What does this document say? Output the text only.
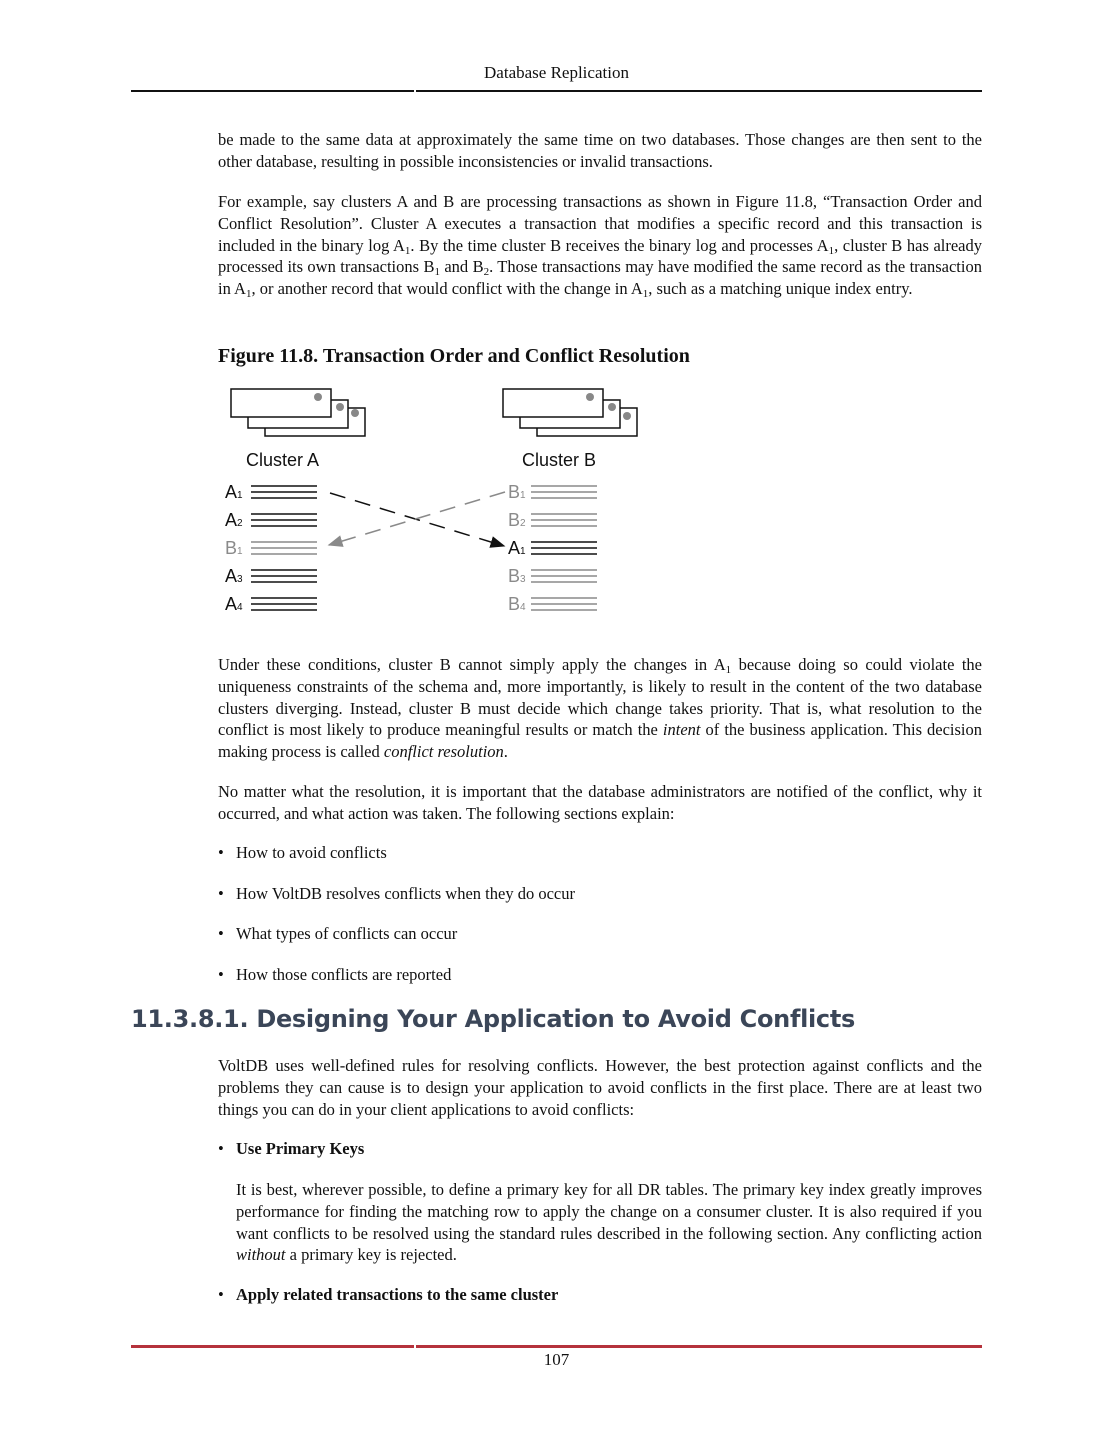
Database Replication

be made to the same data at approximately the same time on two databases. Those changes are then sent to the other database, resulting in possible inconsistencies or invalid transactions.

For example, say clusters A and B are processing transactions as shown in Figure 11.8, “Transaction Order and Conflict Resolution”. Cluster A executes a transaction that modifies a specific record and this transaction is included in the binary $\log A_1$. By the time cluster B receives the binary log and processes $A_1$, cluster B has already processed its own transactions $B_1$ and $B_2$. Those transactions may have modified the same record as the transaction in $A_1$, or another record that would conflict with the change in $A_1$, such as a matching unique index entry.

Figure 11.8. Transaction Order and Conflict Resolution
Cluster A	Cluster B
A1
A2
B1
A3
A4
B1
B2
A1
B3
B4

Under these conditions, cluster B cannot simply apply the changes in $A_1$ because doing so could violate the uniqueness constraints of the schema and, more importantly, is likely to result in the content of the two database clusters diverging. Instead, cluster B must decide which change takes priority. That is, what resolution to the conflict is most likely to produce meaningful results or match the intent of the business application. This decision making process is called conflict resolution.

No matter what the resolution, it is important that the database administrators are notified of the conflict, why it occurred, and what action was taken. The following sections explain:

• How to avoid conflicts
• How VoltDB resolves conflicts when they do occur
• What types of conflicts can occur
• How those conflicts are reported
11.3.8.1. Designing Your Application to Avoid Conflicts

VoltDB uses well-defined rules for resolving conflicts. However, the best protection against conflicts and the problems they can cause is to design your application to avoid conflicts in the first place. There are at least two things you can do in your client applications to avoid conflicts:

• Use Primary Keys

It is best, wherever possible, to define a primary key for all DR tables. The primary key index greatly improves performance for finding the matching row to apply the change on a consumer cluster. It is also required if you want conflicts to be resolved using the standard rules described in the following section. Any conflicting action without a primary key is rejected.

• Apply related transactions to the same cluster
107
